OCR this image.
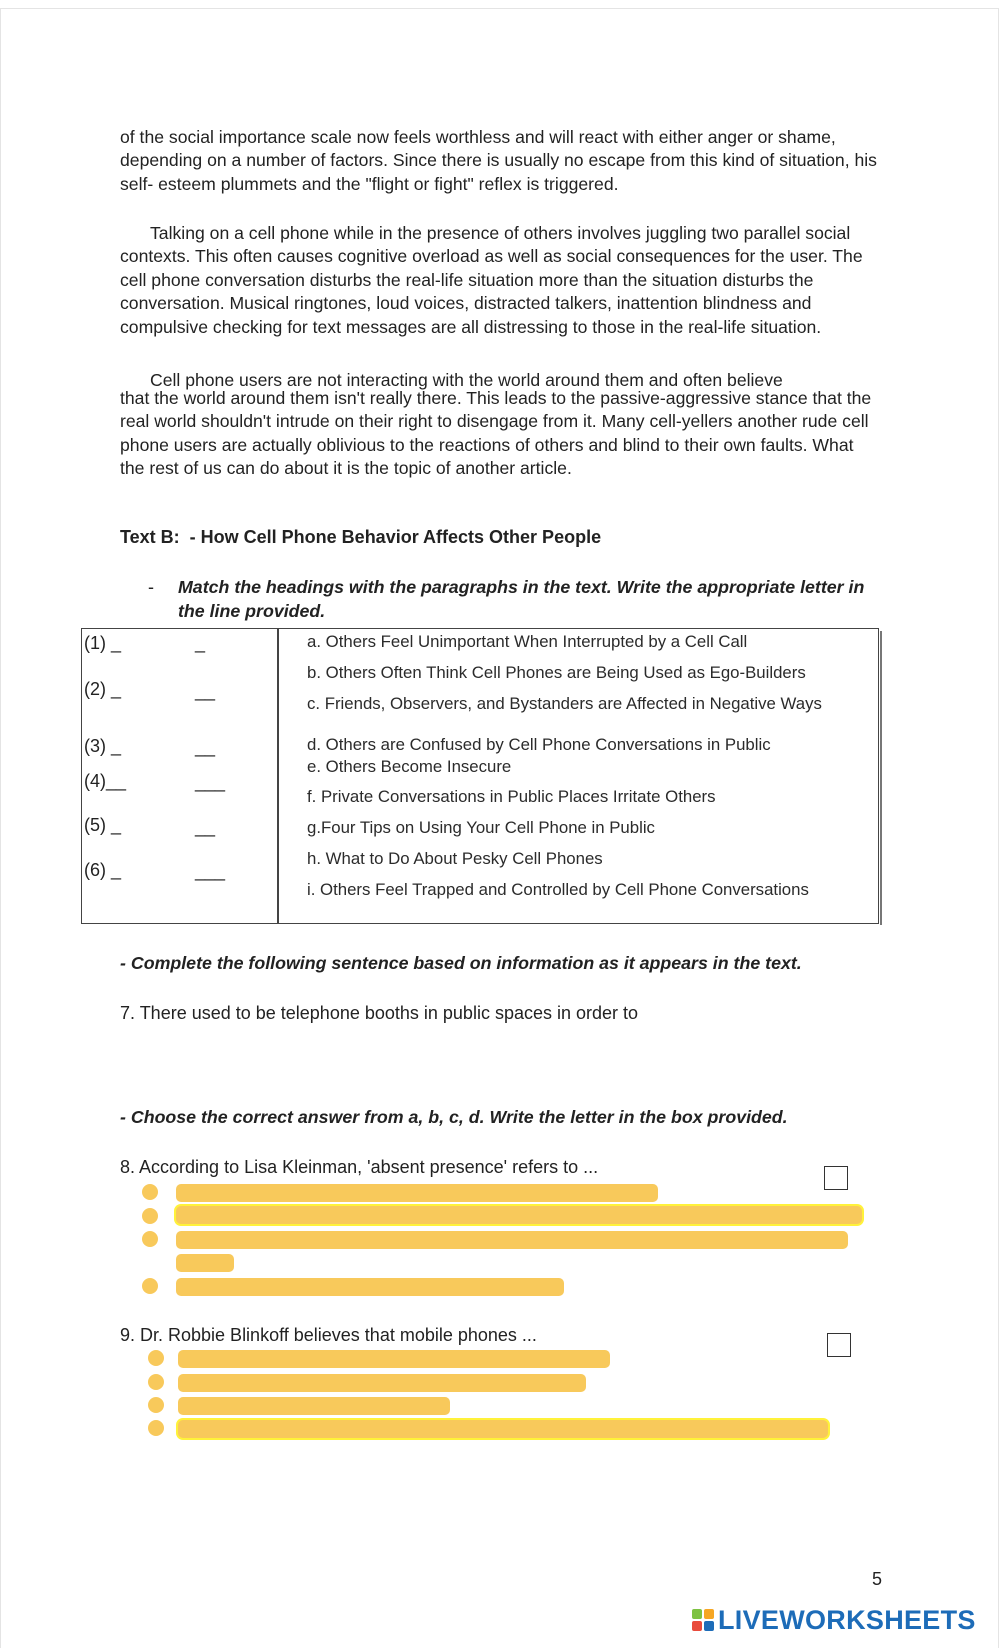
of the social importance scale now feels worthless and will react with either anger or shame, depending on a number of factors. Since there is usually no escape from this kind of situation, his self- esteem plummets and the "flight or fight" reflex is triggered.

Talking on a cell phone while in the presence of others involves juggling two parallel social contexts. This often causes cognitive overload as well as social consequences for the user. The cell phone conversation disturbs the real-life situation more than the situation disturbs the conversation. Musical ringtones, loud voices, distracted talkers, inattention blindness and compulsive checking for text messages are all distressing to those in the real-life situation.

Cell phone users are not interacting with the world around them and often believe

that the world around them isn't really there. This leads to the passive-aggressive stance that the real world shouldn't intrude on their right to disengage from it. Many cell-yellers another rude cell phone users are actually oblivious to the reactions of others and blind to their own faults. What the rest of us can do about it is the topic of another article.

Text B: - How Cell Phone Behavior Affects Other People

- Match the headings with the paragraphs in the text. Write the appropriate letter in the line provided.

(1) _

(2) _

(3) _

(4)__

(5) _

(6) _

_

__

__

___

__

___

a. Others Feel Unimportant When Interrupted by a Cell Call

b. Others Often Think Cell Phones are Being Used as Ego-Builders

c. Friends, Observers, and Bystanders are Affected in Negative Ways

d. Others are Confused by Cell Phone Conversations in Public

e. Others Become Insecure

f. Private Conversations in Public Places Irritate Others

g.Four Tips on Using Your Cell Phone in Public

h. What to Do About Pesky Cell Phones

i. Others Feel Trapped and Controlled by Cell Phone Conversations

- Complete the following sentence based on information as it appears in the text.

7. There used to be telephone booths in public spaces in order to

- Choose the correct answer from a, b, c, d. Write the letter in the box provided.

8. According to Lisa Kleinman, 'absent presence' refers to ...

9. Dr. Robbie Blinkoff believes that mobile phones ...

5

LIVEWORKSHEETS
